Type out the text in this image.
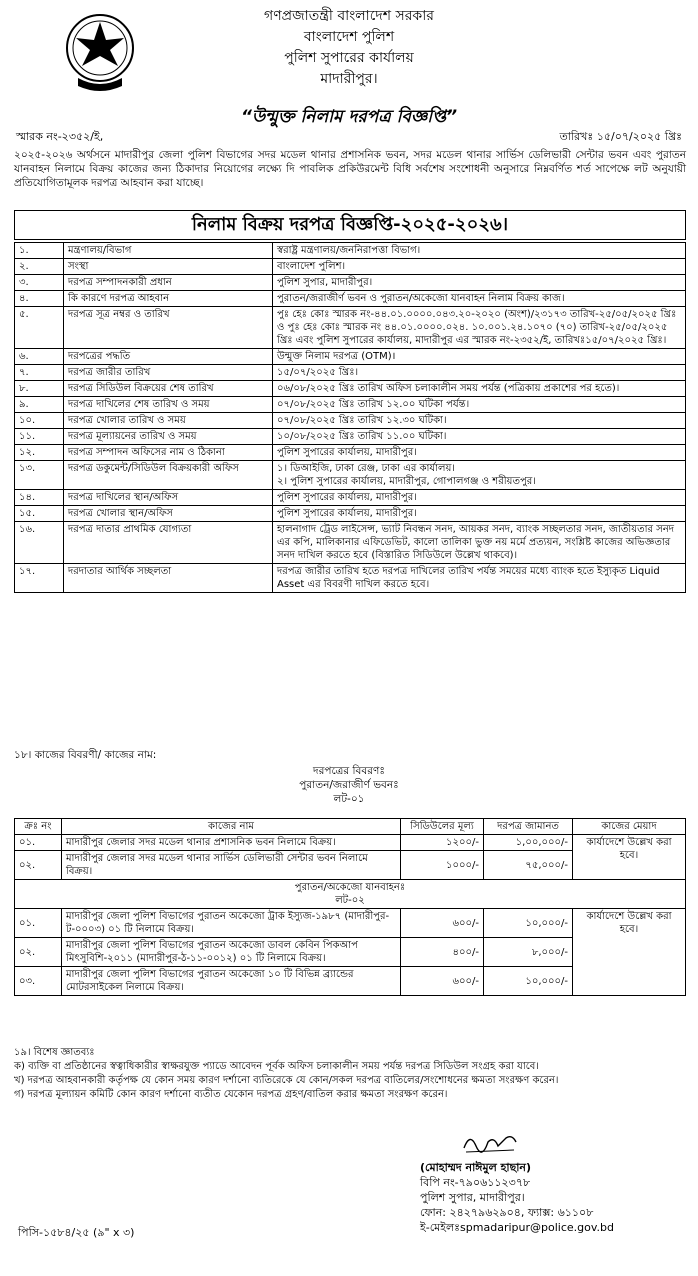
গণপ্রজাতন্ত্রী বাংলাদেশ সরকার
বাংলাদেশ পুলিশ
পুলিশ সুপারের কার্যালয়
মাদারীপুর।
“উন্মুক্ত নিলাম দরপত্র বিজ্ঞপ্তি”
স্মারক নং-২৩৫২/ই,	তারিখঃ ১৫/০৭/২০২৫ খ্রিঃ
২০২৫-২০২৬ অর্থসনে মাদারীপুর জেলা পুলিশ বিভাগের সদর মডেল থানার প্রশাসনিক ভবন, সদর মডেল থানার সার্ভিস ডেলিভারী সেন্টার ভবন এবং পুরাতন যানবাহন নিলামে বিক্রয় কাজের জন্য ঠিকাদার নিয়োগের লক্ষ্যে দি পাবলিক প্রকিউরমেন্ট বিধি সর্বশেষ সংশোধনী অনুসারে নিম্নবর্ণিত শর্ত সাপেক্ষে লট অনুযায়ী প্রতিযোগিতামূলক দরপত্র আহবান করা যাচ্ছে।
নিলাম বিক্রয় দরপত্র বিজ্ঞপ্তি-২০২৫-২০২৬।
১.	মন্ত্রণালয়/বিভাগ	স্বরাষ্ট্র মন্ত্রণালয়/জননিরাপত্তা বিভাগ।
২.	সংস্থা	বাংলাদেশ পুলিশ।
৩.	দরপত্র সম্পাদনকারী প্রধান	পুলিশ সুপার, মাদারীপুর।
৪.	কি কারণে দরপত্র আহবান	পুরাতন/জরাজীর্ণ ভবন ও পুরাতন/অকেজো যানবাহন নিলাম বিক্রয় কাজ।
৫.	দরপত্র সূত্র নম্বর ও তারিখ	পুঃ হেঃ কোঃ স্মারক নং-৪৪.০১.০০০০.০৪৩.২০-২০২০ (অংশ)/২৩১৭৩ তারিখ-২৫/০৫/২০২৫ খ্রিঃ ও পুঃ হেঃ কোঃ স্মারক নং ৪৪.০১.০০০০.০২৪. ১০.০০১.২৪.১০৭০ (৭০) তারিখ-২৫/০৫/২০২৫ খ্রিঃ এবং পুলিশ সুপারের কার্যালয়, মাদারীপুর এর স্মারক নং-২৩৫২/ই, তারিখঃ১৫/০৭/২০২৫ খ্রিঃ।
৬.	দরপত্রের পদ্ধতি	উন্মুক্ত নিলাম দরপত্র (OTM)।
৭.	দরপত্র জারীর তারিখ	১৫/০৭/২০২৫ খ্রিঃ।
৮.	দরপত্র সিডিউল বিক্রয়ের শেষ তারিখ	০৬/০৮/২০২৫ খ্রিঃ তারিখ অফিস চলাকালীন সময় পর্যন্ত (পত্রিকায় প্রকাশের পর হতে)।
৯.	দরপত্র দাখিলের শেষ তারিখ ও সময়	০৭/০৮/২০২৫ খ্রিঃ তারিখ ১২.০০ ঘটিকা পর্যন্ত।
১০.	দরপত্র খোলার তারিখ ও সময়	০৭/০৮/২০২৫ খ্রিঃ তারিখ ১২.৩০ ঘটিকা।
১১.	দরপত্র মূল্যায়নের তারিখ ও সময়	১০/০৮/২০২৫ খ্রিঃ তারিখ ১১.০০ ঘটিকা।
১২.	দরপত্র সম্পাদন অফিসের নাম ও ঠিকানা	পুলিশ সুপারের কার্যালয়, মাদারীপুর।
১৩.	দরপত্র ডকুমেন্ট/সিডিউল বিক্রয়কারী অফিস	১। ডিআইজি, ঢাকা রেঞ্জ, ঢাকা এর কার্যালয়।
২। পুলিশ সুপারের কার্যালয়, মাদারীপুর, গোপালগঞ্জ ও শরীয়তপুর।
১৪.	দরপত্র দাখিলের স্থান/অফিস	পুলিশ সুপারের কার্যালয়, মাদারীপুর।
১৫.	দরপত্র খোলার স্থান/অফিস	পুলিশ সুপারের কার্যালয়, মাদারীপুর।
১৬.	দরপত্র দাতার প্রাথমিক যোগ্যতা	হালনাগাদ ট্রেড লাইসেন্স, ভ্যাট নিবন্ধন সনদ, আয়কর সনদ, ব্যাংক সচ্ছলতার সনদ, জাতীয়তার সনদ এর কপি, মালিকানার এফিডেভিট, কালো তালিকা ভুক্ত নয় মর্মে প্রত্যয়ন, সংশ্লিষ্ট কাজের অভিজ্ঞতার সনদ দাখিল করতে হবে (বিস্তারিত সিডিউলে উল্লেখ থাকবে)।
১৭.	দরদাতার আর্থিক সচ্ছলতা	দরপত্র জারীর তারিখ হতে দরপত্র দাখিলের তারিখ পর্যন্ত সময়ের মধ্যে ব্যাংক হতে ইস্যুকৃত Liquid Asset এর বিবরণী দাখিল করতে হবে।
১৮। কাজের বিবরণী/ কাজের নাম:
দরপত্রের বিবরণঃ
পুরাতন/জরাজীর্ণ ভবনঃ
লট-০১
ক্রঃ নং	কাজের নাম	সিডিউলের মূল্য	দরপত্র জামানত	কাজের মেয়াদ
০১.	মাদারীপুর জেলার সদর মডেল থানার প্রশাসনিক ভবন নিলামে বিক্রয়।	১২০০/-	১,০০,০০০/-	কার্যাদেশে উল্লেখ করা হবে।
০২.	মাদারীপুর জেলার সদর মডেল থানার সার্ভিস ডেলিভারী সেন্টার ভবন নিলামে বিক্রয়।	১০০০/-	৭৫,০০০/-	

পুরাতন/অকেজো যানবাহনঃ
লট-০২				

০১.	মাদারীপুর জেলা পুলিশ বিভাগের পুরাতন অকেজো ট্রাক ইস্যুজ-১৯৮৭ (মাদারীপুর-ট-০০০৩) ০১ টি নিলামে বিক্রয়।	৬০০/-	১০,০০০/-	কার্যাদেশে উল্লেখ করা হবে।
০২.	মাদারীপুর জেলা পুলিশ বিভাগের পুরাতন অকেজো ডাবল কেবিন পিকআপ মিৎসুবিশি-২০১১ (মাদারীপুর-ঠ-১১-০০১২) ০১ টি নিলামে বিক্রয়।	৪০০/-	৮,০০০/-	
০৩.	মাদারীপুর জেলা পুলিশ বিভাগের পুরাতন অকেজো ১০ টি বিভিন্ন ব্র্যান্ডের মোটরসাইকেল নিলামে বিক্রয়।	৬০০/-	১০,০০০/-	
১৯। বিশেষ জ্ঞাতব্যঃ
ক) ব্যক্তি বা প্রতিষ্ঠানের স্বত্বাধিকারীর স্বাক্ষরযুক্ত প্যাডে আবেদন পূর্বক অফিস চলাকালীন সময় পর্যন্ত দরপত্র সিডিউল সংগ্রহ করা যাবে।
খ) দরপত্র আহবানকারী কর্তৃপক্ষ যে কোন সময় কারণ দর্শানো ব্যতিরেকে যে কোন/সকল দরপত্র বাতিলের/সংশোধনের ক্ষমতা সংরক্ষণ করেন।
গ) দরপত্র মূল্যায়ন কমিটি কোন কারণ দর্শানো ব্যতীত যেকোন দরপত্র গ্রহণ/বাতিল করার ক্ষমতা সংরক্ষণ করেন।
(মোহাম্মদ নাঈমুল হাছান)
বিপি নং-৭৯০৬১১২৩৭৮
পুলিশ সুপার, মাদারীপুর।
ফোন: ২৪২৭৯৬২৯০৪, ফ্যাক্স: ৬১১০৮
ই-মেইলঃspmadaripur@police.gov.bd
পিসি-১৫৮৪/২৫ (৯" x ৩)
